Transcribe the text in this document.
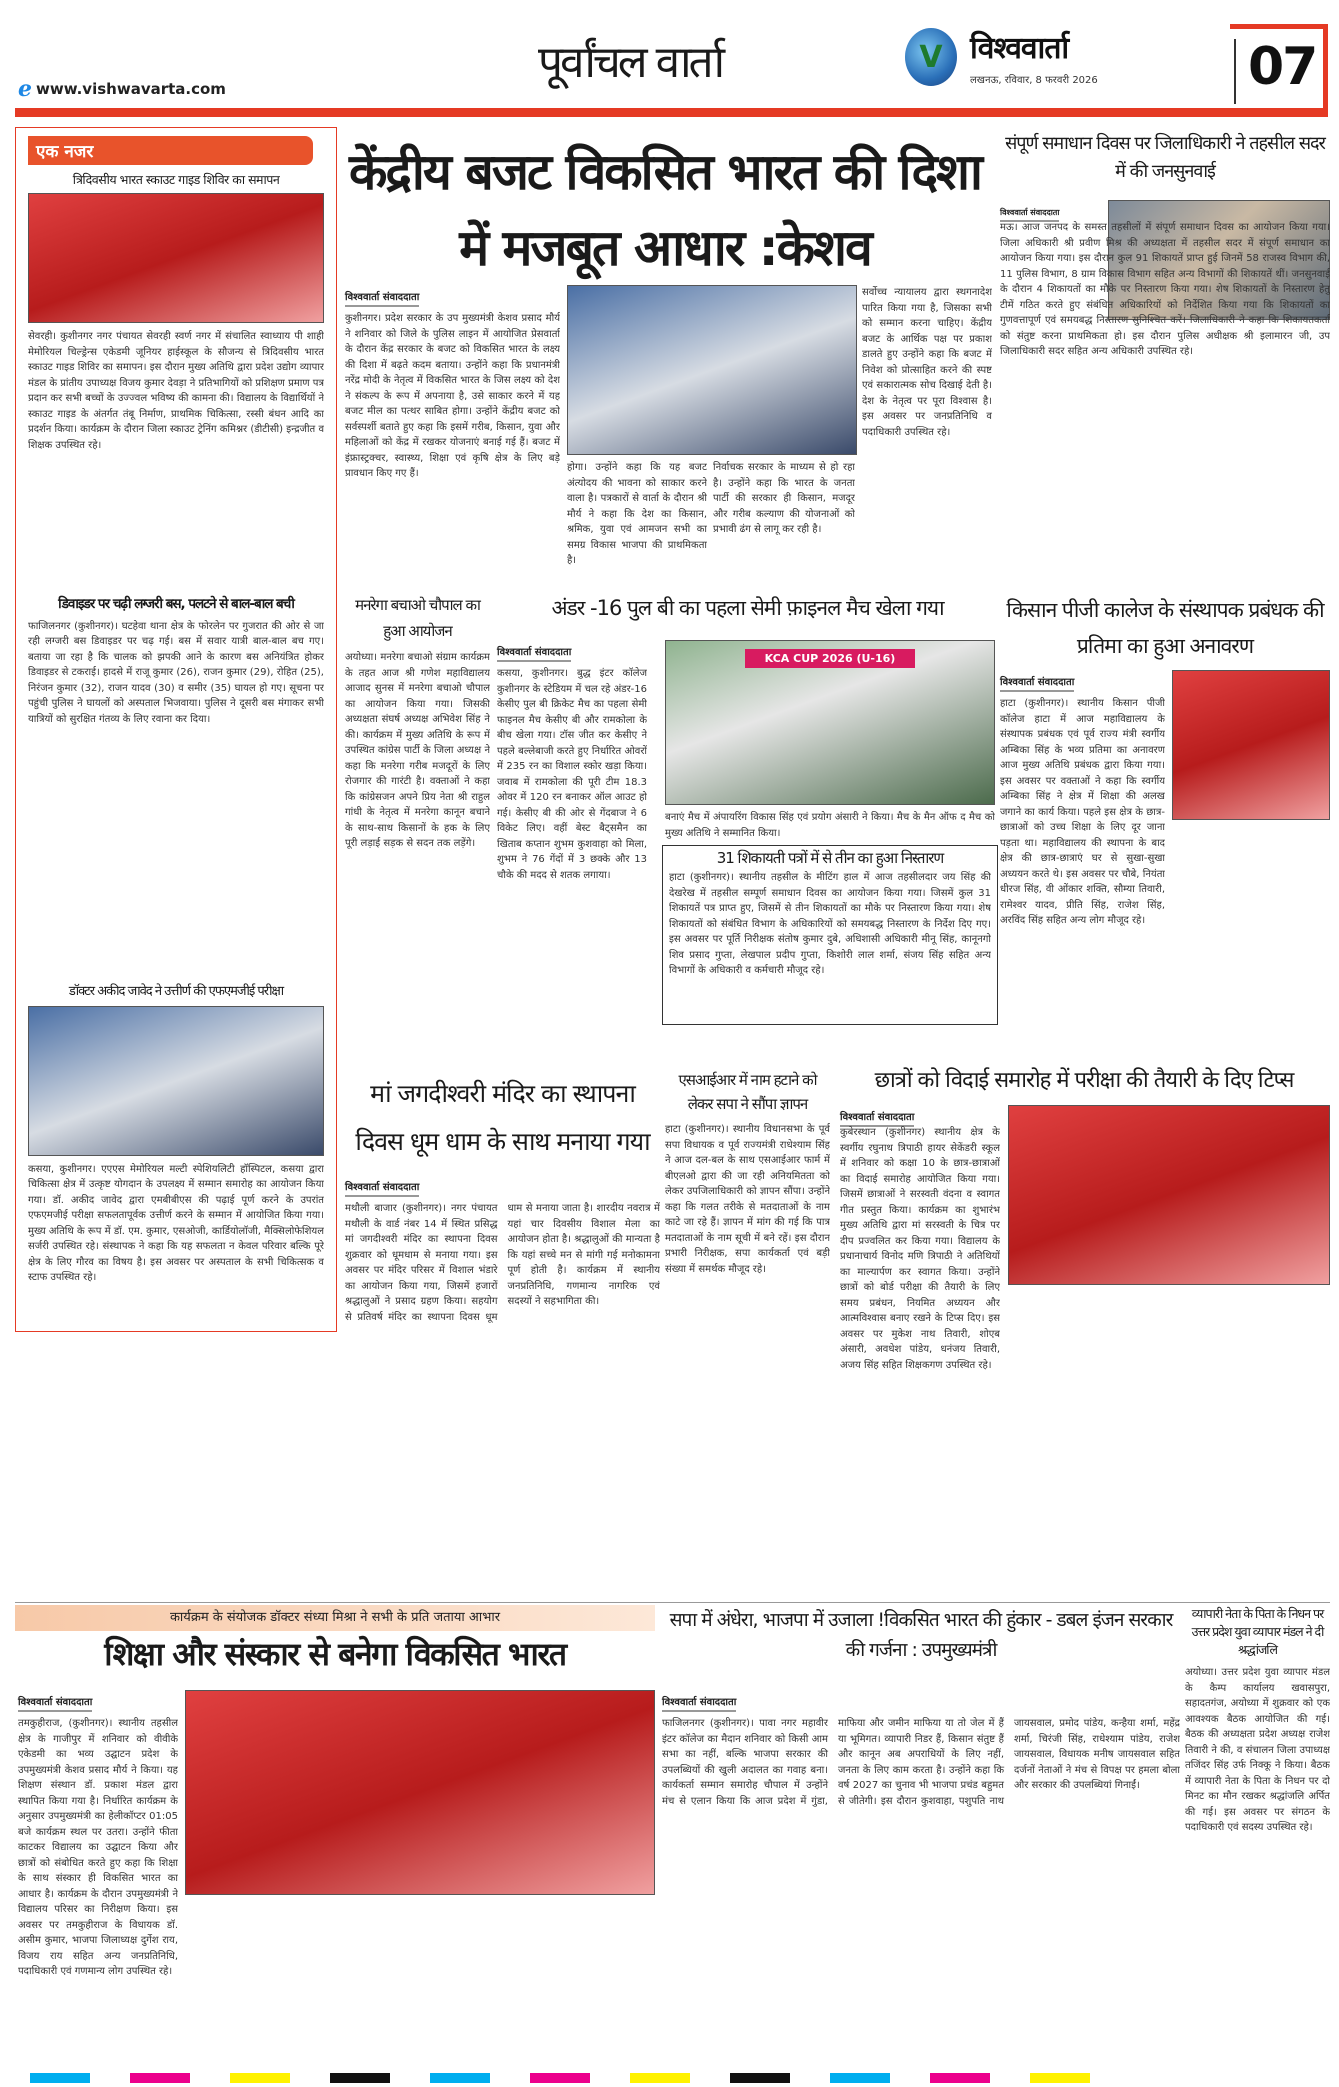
e www.vishwavarta.com
पूर्वांचल वार्ता	V विश्ववार्ता
लखनऊ, रविवार, 8 फरवरी 2026	07
एक नजर
त्रिदिवसीय भारत स्काउट गाइड शिविर का समापन
सेवरही। कुशीनगर नगर पंचायत सेवरही स्वर्ण नगर में संचालित स्वाध्याय पी शाही मेमोरियल चिल्ड्रेन्स एकेडमी जूनियर हाईस्कूल के सौजन्य से त्रिदिवसीय भारत स्काउट गाइड शिविर का समापन। इस दौरान मुख्य अतिथि द्वारा प्रदेश उद्योग व्यापार मंडल के प्रांतीय उपाध्यक्ष विजय कुमार देवड़ा ने प्रतिभागियों को प्रशिक्षण प्रमाण पत्र प्रदान कर सभी बच्चों के उज्ज्वल भविष्य की कामना की। विद्यालय के विद्यार्थियों ने स्काउट गाइड के अंतर्गत तंबू निर्माण, प्राथमिक चिकित्सा, रस्सी बंधन आदि का प्रदर्शन किया। कार्यक्रम के दौरान जिला स्काउट ट्रेनिंग कमिश्नर (डीटीसी) इन्द्रजीत व शिक्षक उपस्थित रहे।
डिवाइडर पर चढ़ी लग्जरी बस, पलटने से बाल-बाल बची
फाजिलनगर (कुशीनगर)। घटहेवा थाना क्षेत्र के फोरलेन पर गुजरात की ओर से जा रही लग्जरी बस डिवाइडर पर चढ़ गई। बस में सवार यात्री बाल-बाल बच गए। बताया जा रहा है कि चालक को झपकी आने के कारण बस अनियंत्रित होकर डिवाइडर से टकराई। हादसे में राजू कुमार (26), राजन कुमार (29), रोहित (25), निरंजन कुमार (32), राजन यादव (30) व समीर (35) घायल हो गए। सूचना पर पहुंची पुलिस ने घायलों को अस्पताल भिजवाया। पुलिस ने दूसरी बस मंगाकर सभी यात्रियों को सुरक्षित गंतव्य के लिए रवाना कर दिया।
डॉक्टर अकीद जावेद ने उत्तीर्ण की एफएमजीई परीक्षा
कसया, कुशीनगर। एएएस मेमोरियल मल्टी स्पेशियलिटी हॉस्पिटल, कसया द्वारा चिकित्सा क्षेत्र में उत्कृष्ट योगदान के उपलक्ष्य में सम्मान समारोह का आयोजन किया गया। डॉ. अकीद जावेद द्वारा एमबीबीएस की पढ़ाई पूर्ण करने के उपरांत एफएमजीई परीक्षा सफलतापूर्वक उत्तीर्ण करने के सम्मान में आयोजित किया गया। मुख्य अतिथि के रूप में डॉ. एम. कुमार, एसओजी, कार्डियोलॉजी, मैक्सिलोफेशियल सर्जरी उपस्थित रहे। संस्थापक ने कहा कि यह सफलता न केवल परिवार बल्कि पूरे क्षेत्र के लिए गौरव का विषय है। इस अवसर पर अस्पताल के सभी चिकित्सक व स्टाफ उपस्थित रहे।
केंद्रीय बजट विकसित भारत की दिशा में मजबूत आधार :केशव
विश्ववार्ता संवाददाता
कुशीनगर। प्रदेश सरकार के उप मुख्यमंत्री केशव प्रसाद मौर्य ने शनिवार को जिले के पुलिस लाइन में आयोजित प्रेसवार्ता के दौरान केंद्र सरकार के बजट को विकसित भारत के लक्ष्य की दिशा में बढ़ते कदम बताया। उन्होंने कहा कि प्रधानमंत्री नरेंद्र मोदी के नेतृत्व में विकसित भारत के जिस लक्ष्य को देश ने संकल्प के रूप में अपनाया है, उसे साकार करने में यह बजट मील का पत्थर साबित होगा। उन्होंने केंद्रीय बजट को सर्वस्पर्शी बताते हुए कहा कि इसमें गरीब, किसान, युवा और महिलाओं को केंद्र में रखकर योजनाएं बनाई गई हैं। बजट में इंफ्रास्ट्रक्चर, स्वास्थ्य, शिक्षा एवं कृषि क्षेत्र के लिए बड़े प्रावधान किए गए हैं।
होगा। उन्होंने कहा कि यह बजट अंत्योदय की भावना को साकार करने वाला है। पत्रकारों से वार्ता के दौरान श्री मौर्य ने कहा कि देश का किसान, श्रमिक, युवा एवं आमजन सभी का समग्र विकास भाजपा की प्राथमिकता है।
निर्वाचक सरकार के माध्यम से हो रहा है। उन्होंने कहा कि भारत के जनता पार्टी की सरकार ही किसान, मजदूर और गरीब कल्याण की योजनाओं को प्रभावी ढंग से लागू कर रही है।
सर्वोच्च न्यायालय द्वारा स्थगनादेश पारित किया गया है, जिसका सभी को सम्मान करना चाहिए। केंद्रीय बजट के आर्थिक पक्ष पर प्रकाश डालते हुए उन्होंने कहा कि बजट में निवेश को प्रोत्साहित करने की स्पष्ट एवं सकारात्मक सोच दिखाई देती है। देश के नेतृत्व पर पूरा विश्वास है। इस अवसर पर जनप्रतिनिधि व पदाधिकारी उपस्थित रहे।
संपूर्ण समाधान दिवस पर जिलाधिकारी ने तहसील सदर में की जनसुनवाई
विश्ववार्ता संवाददाता
मऊ। आज जनपद के समस्त तहसीलों में संपूर्ण समाधान दिवस का आयोजन किया गया। जिला अधिकारी श्री प्रवीण मिश्र की अध्यक्षता में तहसील सदर में संपूर्ण समाधान का आयोजन किया गया। इस दौरान कुल 91 शिकायतें प्राप्त हुई जिनमें 58 राजस्व विभाग की, 11 पुलिस विभाग, 8 ग्राम विकास विभाग सहित अन्य विभागों की शिकायतें थीं। जनसुनवाई के दौरान 4 शिकायतों का मौके पर निस्तारण किया गया। शेष शिकायतों के निस्तारण हेतु टीमें गठित करते हुए संबंधित अधिकारियों को निर्देशित किया गया कि शिकायतों का गुणवत्तापूर्ण एवं समयबद्ध निस्तारण सुनिश्चित करें। जिलाधिकारी ने कहा कि शिकायतकर्ता को संतुष्ट करना प्राथमिकता हो। इस दौरान पुलिस अधीक्षक श्री इलामारन जी, उप जिलाधिकारी सदर सहित अन्य अधिकारी उपस्थित रहे।
मनरेगा बचाओ चौपाल का हुआ आयोजन
अयोध्या। मनरेगा बचाओ संग्राम कार्यक्रम के तहत आज श्री गणेश महाविद्यालय आजाद सुनस में मनरेगा बचाओ चौपाल का आयोजन किया गया। जिसकी अध्यक्षता संघर्ष अध्यक्ष अभिवेश सिंह ने की। कार्यक्रम में मुख्य अतिथि के रूप में उपस्थित कांग्रेस पार्टी के जिला अध्यक्ष ने कहा कि मनरेगा गरीब मजदूरों के लिए रोजगार की गारंटी है। वक्ताओं ने कहा कि कांग्रेसजन अपने प्रिय नेता श्री राहुल गांधी के नेतृत्व में मनरेगा कानून बचाने के साथ-साथ किसानों के हक के लिए पूरी लड़ाई सड़क से सदन तक लड़ेंगे।
अंडर -16 पुल बी का पहला सेमी फ़ाइनल मैच खेला गया
विश्ववार्ता संवाददाता
कसया, कुशीनगर। बुद्ध इंटर कॉलेज कुशीनगर के स्टेडियम में चल रहे अंडर-16 केसीए पुल बी क्रिकेट मैच का पहला सेमी फाइनल मैच केसीए बी और रामकोला के बीच खेला गया। टॉस जीत कर केसीए ने पहले बल्लेबाजी करते हुए निर्धारित ओवरों में 235 रन का विशाल स्कोर खड़ा किया। जवाब में रामकोला की पूरी टीम 18.3 ओवर में 120 रन बनाकर ऑल आउट हो गई। केसीए बी की ओर से गेंदबाज ने 6 विकेट लिए। वहीं बेस्ट बैट्समैन का खिताब कप्तान शुभम कुशवाहा को मिला, शुभम ने 76 गेंदों में 3 छक्के और 13 चौके की मदद से शतक लगाया।
KCA CUP 2026 (U-16)
बनाएं मैच में अंपायरिंग विकास सिंह एवं प्रयोग अंसारी ने किया। मैच के मैन ऑफ द मैच को मुख्य अतिथि ने सम्मानित किया।
31 शिकायती पत्रों में से तीन का हुआ निस्तारण
हाटा (कुशीनगर)। स्थानीय तहसील के मीटिंग हाल में आज तहसीलदार जय सिंह की देखरेख में तहसील सम्पूर्ण समाधान दिवस का आयोजन किया गया। जिसमें कुल 31 शिकायतें पत्र प्राप्त हुए, जिसमें से तीन शिकायतों का मौके पर निस्तारण किया गया। शेष शिकायतों को संबंधित विभाग के अधिकारियों को समयबद्ध निस्तारण के निर्देश दिए गए। इस अवसर पर पूर्ति निरीक्षक संतोष कुमार दुबे, अधिशासी अधिकारी मीनू सिंह, कानूनगो शिव प्रसाद गुप्ता, लेखपाल प्रदीप गुप्ता, किशोरी लाल शर्मा, संजय सिंह सहित अन्य विभागों के अधिकारी व कर्मचारी मौजूद रहे।
किसान पीजी कालेज के संस्थापक प्रबंधक की प्रतिमा का हुआ अनावरण
विश्ववार्ता संवाददाता
हाटा (कुशीनगर)। स्थानीय किसान पीजी कॉलेज हाटा में आज महाविद्यालय के संस्थापक प्रबंधक एवं पूर्व राज्य मंत्री स्वर्गीय अम्बिका सिंह के भव्य प्रतिमा का अनावरण आज मुख्य अतिथि प्रबंधक द्वारा किया गया। इस अवसर पर वक्ताओं ने कहा कि स्वर्गीय अम्बिका सिंह ने क्षेत्र में शिक्षा की अलख जगाने का कार्य किया। पहले इस क्षेत्र के छात्र-छात्राओं को उच्च शिक्षा के लिए दूर जाना पड़ता था। महाविद्यालय की स्थापना के बाद क्षेत्र की छात्र-छात्राएं घर से सुखा-सुखा अध्ययन करते थे। इस अवसर पर चौबे, नियंता धीरज सिंह, वी ओंकार शक्ति, सौम्या तिवारी, रामेश्वर यादव, प्रीति सिंह, राजेश सिंह, अरविंद सिंह सहित अन्य लोग मौजूद रहे।
मां जगदीश्वरी मंदिर का स्थापना दिवस धूम धाम के साथ मनाया गया
विश्ववार्ता संवाददाता
मथौली बाजार (कुशीनगर)। नगर पंचायत मथौली के वार्ड नंबर 14 में स्थित प्रसिद्ध मां जगदीश्वरी मंदिर का स्थापना दिवस शुक्रवार को धूमधाम से मनाया गया। इस अवसर पर मंदिर परिसर में विशाल भंडारे का आयोजन किया गया, जिसमें हजारों श्रद्धालुओं ने प्रसाद ग्रहण किया। सहयोग से प्रतिवर्ष मंदिर का स्थापना दिवस धूम धाम से मनाया जाता है। शारदीय नवरात्र में यहां चार दिवसीय विशाल मेला का आयोजन होता है। श्रद्धालुओं की मान्यता है कि यहां सच्चे मन से मांगी गई मनोकामना पूर्ण होती है। कार्यक्रम में स्थानीय जनप्रतिनिधि, गणमान्य नागरिक एवं सदस्यों ने सहभागिता की।
एसआईआर में नाम हटाने को लेकर सपा ने सौंपा ज्ञापन
हाटा (कुशीनगर)। स्थानीय विधानसभा के पूर्व सपा विधायक व पूर्व राज्यमंत्री राधेश्याम सिंह ने आज दल-बल के साथ एसआईआर फार्म में बीएलओ द्वारा की जा रही अनियमितता को लेकर उपजिलाधिकारी को ज्ञापन सौंपा। उन्होंने कहा कि गलत तरीके से मतदाताओं के नाम काटे जा रहे हैं। ज्ञापन में मांग की गई कि पात्र मतदाताओं के नाम सूची में बने रहें। इस दौरान प्रभारी निरीक्षक, सपा कार्यकर्ता एवं बड़ी संख्या में समर्थक मौजूद रहे।
छात्रों को विदाई समारोह में परीक्षा की तैयारी के दिए टिप्स
विश्ववार्ता संवाददाता
कुबेरस्थान (कुशीनगर) स्थानीय क्षेत्र के स्वर्गीय रघुनाथ त्रिपाठी हायर सेकेंडरी स्कूल में शनिवार को कक्षा 10 के छात्र-छात्राओं का विदाई समारोह आयोजित किया गया। जिसमें छात्राओं ने सरस्वती वंदना व स्वागत गीत प्रस्तुत किया। कार्यक्रम का शुभारंभ मुख्य अतिथि द्वारा मां सरस्वती के चित्र पर दीप प्रज्वलित कर किया गया। विद्यालय के प्रधानाचार्य विनोद मणि त्रिपाठी ने अतिथियों का माल्यार्पण कर स्वागत किया। उन्होंने छात्रों को बोर्ड परीक्षा की तैयारी के लिए समय प्रबंधन, नियमित अध्ययन और आत्मविश्वास बनाए रखने के टिप्स दिए। इस अवसर पर मुकेश नाथ तिवारी, शोएब अंसारी, अवधेश पांडेय, धनंजय तिवारी, अजय सिंह सहित शिक्षकगण उपस्थित रहे।
कार्यक्रम के संयोजक डॉक्टर संध्या मिश्रा ने सभी के प्रति जताया आभार
शिक्षा और संस्कार से बनेगा विकसित भारत
विश्ववार्ता संवाददाता
तमकुहीराज, (कुशीनगर)। स्थानीय तहसील क्षेत्र के गाजीपुर में शनिवार को वीवीके एकेडमी का भव्य उद्घाटन प्रदेश के उपमुख्यमंत्री केशव प्रसाद मौर्य ने किया। यह शिक्षण संस्थान डॉ. प्रकाश मंडल द्वारा स्थापित किया गया है। निर्धारित कार्यक्रम के अनुसार उपमुख्यमंत्री का हेलीकॉप्टर 01:05 बजे कार्यक्रम स्थल पर उतरा। उन्होंने फीता काटकर विद्यालय का उद्घाटन किया और छात्रों को संबोधित करते हुए कहा कि शिक्षा के साथ संस्कार ही विकसित भारत का आधार है। कार्यक्रम के दौरान उपमुख्यमंत्री ने विद्यालय परिसर का निरीक्षण किया। इस अवसर पर तमकुहीराज के विधायक डॉ. असीम कुमार, भाजपा जिलाध्यक्ष दुर्गेश राय, विजय राय सहित अन्य जनप्रतिनिधि, पदाधिकारी एवं गणमान्य लोग उपस्थित रहे।
सपा में अंधेरा, भाजपा में उजाला !विकसित भारत की हुंकार - डबल इंजन सरकार की गर्जना : उपमुख्यमंत्री
विश्ववार्ता संवाददाता
फाजिलनगर (कुशीनगर)। पावा नगर महावीर इंटर कॉलेज का मैदान शनिवार को किसी आम सभा का नहीं, बल्कि भाजपा सरकार की उपलब्धियों की खुली अदालत का गवाह बना। कार्यकर्ता सम्मान समारोह चौपाल में उन्होंने मंच से एलान किया कि आज प्रदेश में गुंडा, माफिया और जमीन माफिया या तो जेल में हैं या भूमिगत। व्यापारी निडर हैं, किसान संतुष्ट हैं और कानून अब अपराधियों के लिए नहीं, जनता के लिए काम करता है। उन्होंने कहा कि वर्ष 2027 का चुनाव भी भाजपा प्रचंड बहुमत से जीतेगी। इस दौरान कुशवाहा, पशुपति नाथ जायसवाल, प्रमोद पांडेय, कन्हैया शर्मा, महेंद्र शर्मा, चिरंजी सिंह, राधेश्याम पांडेय, राजेश जायसवाल, विधायक मनीष जायसवाल सहित दर्जनों नेताओं ने मंच से विपक्ष पर हमला बोला और सरकार की उपलब्धियां गिनाईं।
व्यापारी नेता के पिता के निधन पर उत्तर प्रदेश युवा व्यापार मंडल ने दी श्रद्धांजलि
अयोध्या। उत्तर प्रदेश युवा व्यापार मंडल के कैम्प कार्यालय खवासपुरा, सहादतगंज, अयोध्या में शुक्रवार को एक आवश्यक बैठक आयोजित की गई। बैठक की अध्यक्षता प्रदेश अध्यक्ष राजेश तिवारी ने की, व संचालन जिला उपाध्यक्ष तजिंदर सिंह उर्फ निक्कू ने किया। बैठक में व्यापारी नेता के पिता के निधन पर दो मिनट का मौन रखकर श्रद्धांजलि अर्पित की गई। इस अवसर पर संगठन के पदाधिकारी एवं सदस्य उपस्थित रहे।
